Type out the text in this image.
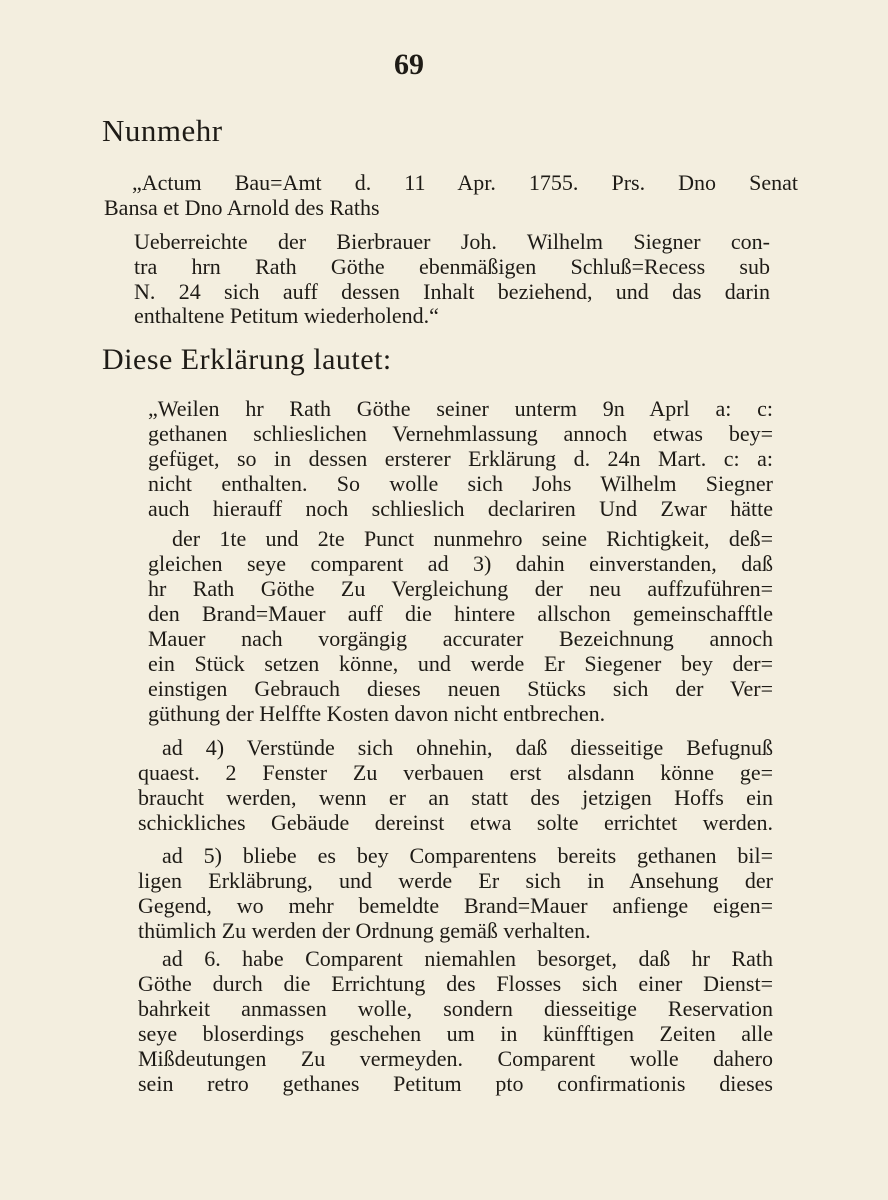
69
Nunmehr
„Actum Bau=Amt d. 11 Apr. 1755. Prs. Dno Senat
Bansa et Dno Arnold des Raths
Ueberreichte der Bierbrauer Joh. Wilhelm Siegner con-
tra hrn Rath Göthe ebenmäßigen Schluß=Recess sub
N. 24 sich auff dessen Inhalt beziehend, und das darin
enthaltene Petitum wiederholend.“
Diese Erklärung lautet:
„Weilen hr Rath Göthe seiner unterm 9n Aprl a: c:
gethanen schlieslichen Vernehmlassung annoch etwas bey=
gefüget, so in dessen ersterer Erklärung d. 24n Mart. c: a:
nicht enthalten. So wolle sich Johs Wilhelm Siegner
auch hierauff noch schlieslich declariren Und Zwar hätte
der 1te und 2te Punct nunmehro seine Richtigkeit, deß=
gleichen seye comparent ad 3) dahin einverstanden, daß
hr Rath Göthe Zu Vergleichung der neu auffzuführen=
den Brand=Mauer auff die hintere allschon gemeinschafftle
Mauer nach vorgängig accurater Bezeichnung annoch
ein Stück setzen könne, und werde Er Siegener bey der=
einstigen Gebrauch dieses neuen Stücks sich der Ver=
güthung der Helffte Kosten davon nicht entbrechen.
ad 4) Verstünde sich ohnehin, daß diesseitige Befugnuß
quaest. 2 Fenster Zu verbauen erst alsdann könne ge=
braucht werden, wenn er an statt des jetzigen Hoffs ein
schickliches Gebäude dereinst etwa solte errichtet werden.
ad 5) bliebe es bey Comparentens bereits gethanen bil=
ligen Erkläbrung, und werde Er sich in Ansehung der
Gegend, wo mehr bemeldte Brand=Mauer anfienge eigen=
thümlich Zu werden der Ordnung gemäß verhalten.
ad 6. habe Comparent niemahlen besorget, daß hr Rath
Göthe durch die Errichtung des Flosses sich einer Dienst=
bahrkeit anmassen wolle, sondern diesseitige Reservation
seye bloserdings geschehen um in künfftigen Zeiten alle
Mißdeutungen Zu vermeyden. Comparent wolle dahero
sein retro gethanes Petitum pto confirmationis dieses
